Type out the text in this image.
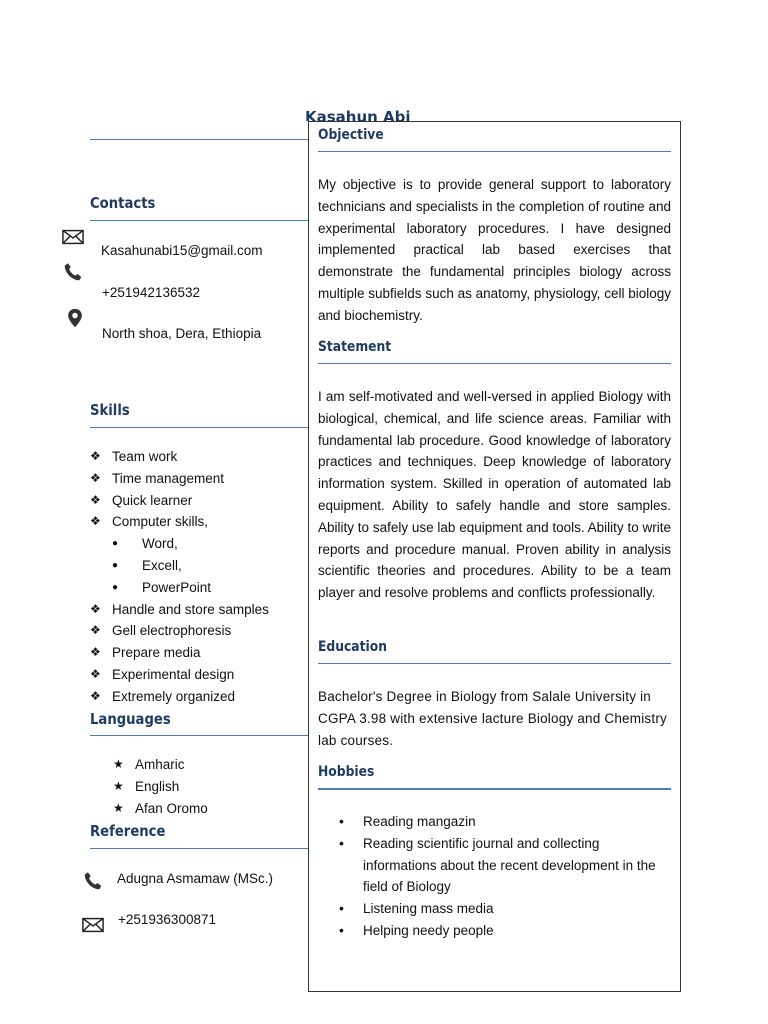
Kasahun Abi
Contacts
Kasahunabi15@gmail.com
+251942136532
North shoa, Dera, Ethiopia
Skills
❖ Team work
❖ Time management
❖ Quick learner
❖ Computer skills,
● Word,
● Excell,
● PowerPoint
❖ Handle and store samples
❖ Gell electrophoresis
❖ Prepare media
❖ Experimental design
❖ Extremely organized
Languages
★ Amharic
★ English
★ Afan Oromo
Reference
Adugna Asmamaw (MSc.)
+251936300871
Objective
My objective is to provide general support to laboratory technicians and specialists in the completion of routine and experimental laboratory procedures. I have designed implemented practical lab based exercises that demonstrate the fundamental principles biology across multiple subfields such as anatomy, physiology, cell biology and biochemistry.
Statement
I am self-motivated and well-versed in applied Biology with biological, chemical, and life science areas. Familiar with fundamental lab procedure. Good knowledge of laboratory practices and techniques. Deep knowledge of laboratory information system. Skilled in operation of automated lab equipment. Ability to safely handle and store samples. Ability to safely use lab equipment and tools. Ability to write reports and procedure manual. Proven ability in analysis scientific theories and procedures. Ability to be a team player and resolve problems and conflicts professionally.
Education
Bachelor's Degree in Biology from Salale University in CGPA 3.98 with extensive lacture Biology and Chemistry lab courses.
Hobbies
• Reading mangazin
• Reading scientific journal and collecting informations about the recent development in the field of Biology
• Listening mass media
• Helping needy people
